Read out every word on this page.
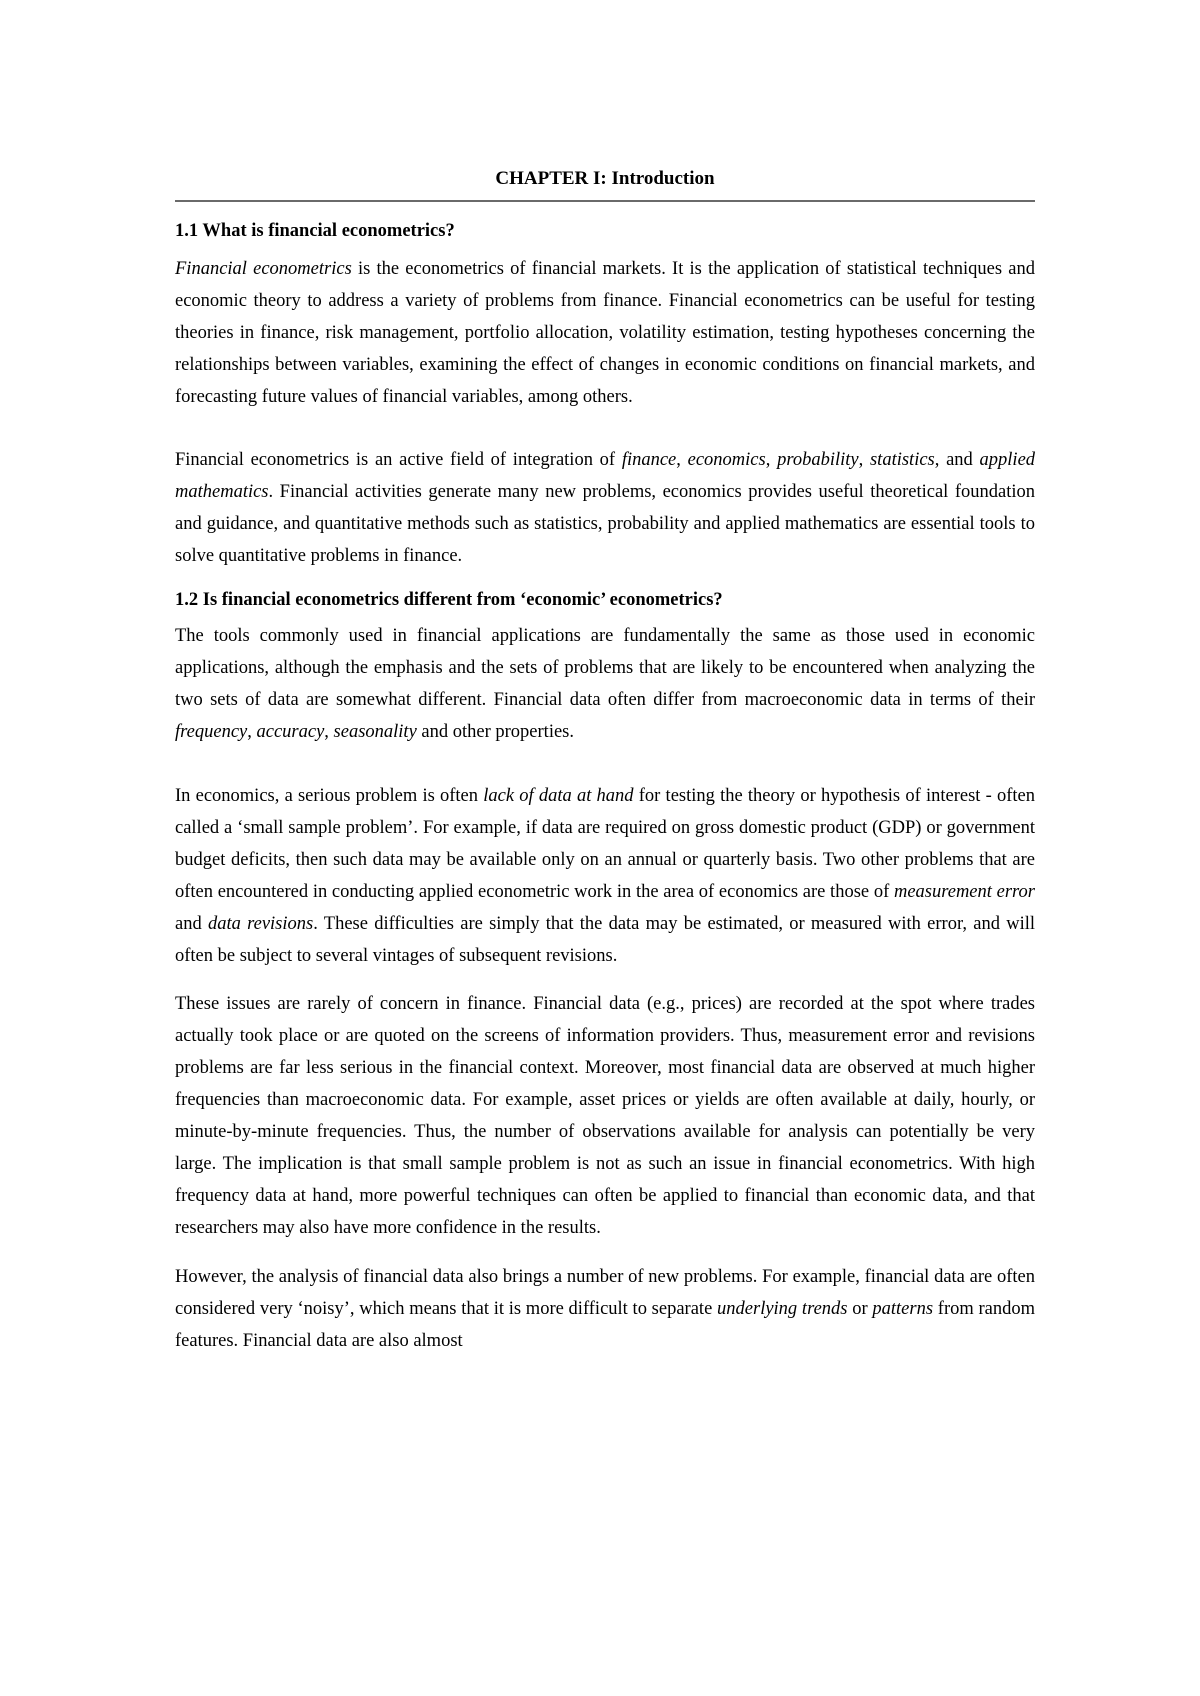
CHAPTER I: Introduction
1.1 What is financial econometrics?

Financial econometrics is the econometrics of financial markets. It is the application of statistical techniques and economic theory to address a variety of problems from finance. Financial econometrics can be useful for testing theories in finance, risk management, portfolio allocation, volatility estimation, testing hypotheses concerning the relationships between variables, examining the effect of changes in economic conditions on financial markets, and forecasting future values of financial variables, among others.

Financial econometrics is an active field of integration of finance, economics, probability, statistics, and applied mathematics. Financial activities generate many new problems, economics provides useful theoretical foundation and guidance, and quantitative methods such as statistics, probability and applied mathematics are essential tools to solve quantitative problems in finance.

1.2 Is financial econometrics different from ‘economic’ econometrics?

The tools commonly used in financial applications are fundamentally the same as those used in economic applications, although the emphasis and the sets of problems that are likely to be encountered when analyzing the two sets of data are somewhat different. Financial data often differ from macroeconomic data in terms of their frequency, accuracy, seasonality and other properties.

In economics, a serious problem is often lack of data at hand for testing the theory or hypothesis of interest - often called a ‘small sample problem’. For example, if data are required on gross domestic product (GDP) or government budget deficits, then such data may be available only on an annual or quarterly basis. Two other problems that are often encountered in conducting applied econometric work in the area of economics are those of measurement error and data revisions. These difficulties are simply that the data may be estimated, or measured with error, and will often be subject to several vintages of subsequent revisions.

These issues are rarely of concern in finance. Financial data (e.g., prices) are recorded at the spot where trades actually took place or are quoted on the screens of information providers. Thus, measurement error and revisions problems are far less serious in the financial context. Moreover, most financial data are observed at much higher frequencies than macroeconomic data. For example, asset prices or yields are often available at daily, hourly, or minute-by-minute frequencies. Thus, the number of observations available for analysis can potentially be very large. The implication is that small sample problem is not as such an issue in financial econometrics. With high frequency data at hand, more powerful techniques can often be applied to financial than economic data, and that researchers may also have more confidence in the results.

However, the analysis of financial data also brings a number of new problems. For example, financial data are often considered very ‘noisy’, which means that it is more difficult to separate underlying trends or patterns from random features. Financial data are also almost
